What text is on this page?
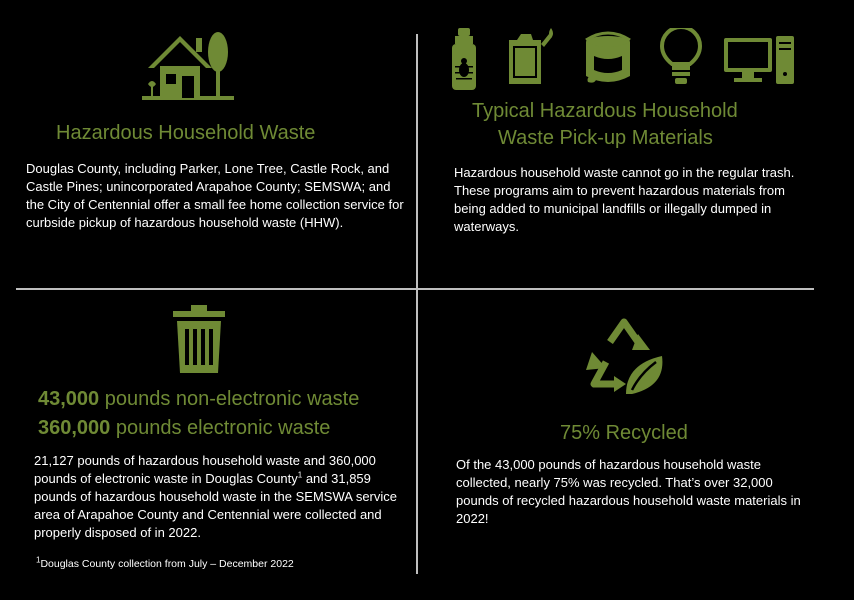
Hazardous Household Waste
Douglas County, including Parker, Lone Tree, Castle Rock, and Castle Pines; unincorporated Arapahoe County; SEMSWA; and the City of Centennial offer a small fee home collection service for curbside pickup of hazardous household waste (HHW).
Typical Hazardous Household
Waste Pick-up Materials
Hazardous household waste cannot go in the regular trash. These programs aim to prevent hazardous materials from being added to municipal landfills or illegally dumped in waterways.
43,000 pounds non-electronic waste
360,000 pounds electronic waste
21,127 pounds of hazardous household waste and 360,000 pounds of electronic waste in Douglas County$^1$ and 31,859 pounds of hazardous household waste in the SEMSWA service area of Arapahoe County and Centennial were collected and properly disposed of in 2022.
$^1$Douglas County collection from July – December 2022
75% Recycled
Of the 43,000 pounds of hazardous household waste collected, nearly 75% was recycled. That’s over 32,000 pounds of recycled hazardous household waste materials in 2022!
